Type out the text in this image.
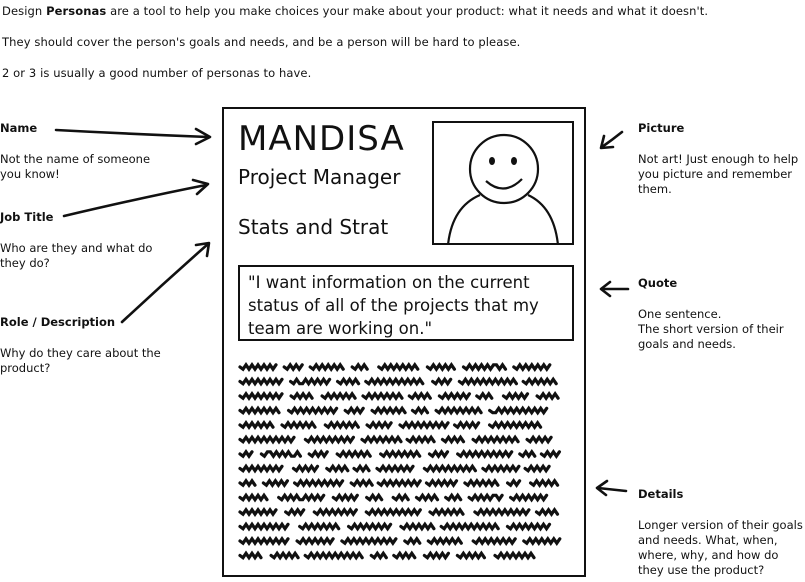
Design Personas are a tool to help you make choices your make about your product: what it needs and what it doesn't.
They should cover the person's goals and needs, and be a person will be hard to please.
2 or 3 is usually a good number of personas to have.
Name
Not the name of someone you know!
Job Title
Who are they and what do they do?
Role / Description
Why do they care about the product?
Picture
Not art! Just enough to help you picture and remember them.
Quote
One sentence.
The short version of their goals and needs.
Details
Longer version of their goals and needs. What, when, where, why, and how do they use the product?
MANDISA
Project Manager
Stats and Strat
"I want information on the current status of all of the projects that my team are working on."
